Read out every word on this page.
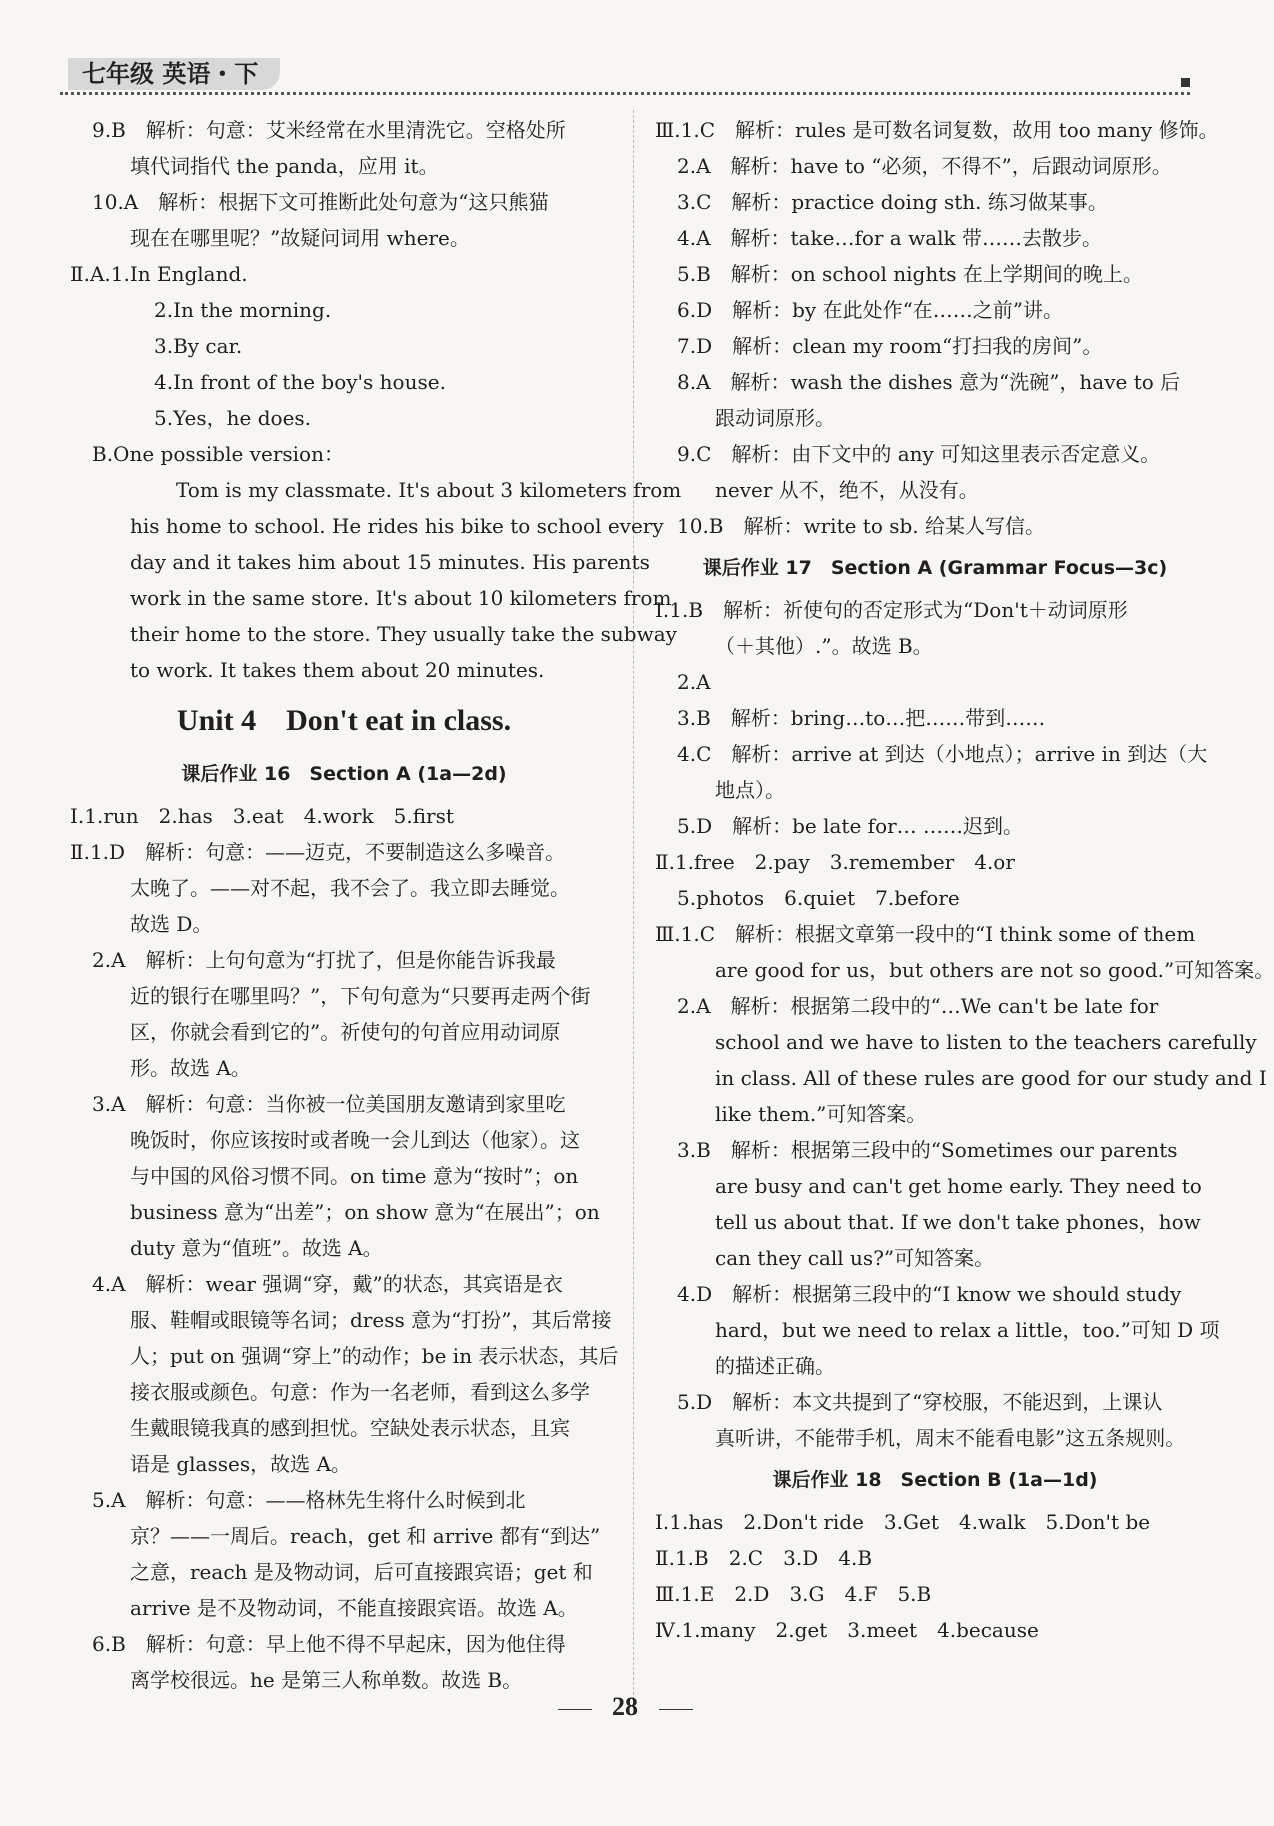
七年级 英语・下
9.B　解析：句意：艾米经常在水里清洗它。空格处所
填代词指代 the panda，应用 it。
10.A　解析：根据下文可推断此处句意为“这只熊猫
现在在哪里呢？”故疑问词用 where。
Ⅱ.A.1.In England.
2.In the morning.
3.By car.
4.In front of the boy's house.
5.Yes，he does.
B.One possible version：
Tom is my classmate. It's about 3 kilometers from
his home to school. He rides his bike to school every
day and it takes him about 15 minutes. His parents
work in the same store. It's about 10 kilometers from
their home to the store. They usually take the subway
to work. It takes them about 20 minutes.
Unit 4　Don't eat in class.
课后作业 16　Section A (1a—2d)
Ⅰ.1.run　2.has　3.eat　4.work　5.first
Ⅱ.1.D　解析：句意：——迈克，不要制造这么多噪音。
太晚了。——对不起，我不会了。我立即去睡觉。
故选 D。
2.A　解析：上句句意为“打扰了，但是你能告诉我最
近的银行在哪里吗？”，下句句意为“只要再走两个街
区，你就会看到它的”。祈使句的句首应用动词原
形。故选 A。
3.A　解析：句意：当你被一位美国朋友邀请到家里吃
晚饭时，你应该按时或者晚一会儿到达（他家）。这
与中国的风俗习惯不同。on time 意为“按时”；on
business 意为“出差”；on show 意为“在展出”；on
duty 意为“值班”。故选 A。
4.A　解析：wear 强调“穿，戴”的状态，其宾语是衣
服、鞋帽或眼镜等名词；dress 意为“打扮”，其后常接
人；put on 强调“穿上”的动作；be in 表示状态，其后
接衣服或颜色。句意：作为一名老师，看到这么多学
生戴眼镜我真的感到担忧。空缺处表示状态，且宾
语是 glasses，故选 A。
5.A　解析：句意：——格林先生将什么时候到北
京？——一周后。reach，get 和 arrive 都有“到达”
之意，reach 是及物动词，后可直接跟宾语；get 和
arrive 是不及物动词，不能直接跟宾语。故选 A。
6.B　解析：句意：早上他不得不早起床，因为他住得
离学校很远。he 是第三人称单数。故选 B。
Ⅲ.1.C　解析：rules 是可数名词复数，故用 too many 修饰。
2.A　解析：have to “必须，不得不”，后跟动词原形。
3.C　解析：practice doing sth. 练习做某事。
4.A　解析：take…for a walk 带……去散步。
5.B　解析：on school nights 在上学期间的晚上。
6.D　解析：by 在此处作“在……之前”讲。
7.D　解析：clean my room“打扫我的房间”。
8.A　解析：wash the dishes 意为“洗碗”，have to 后
跟动词原形。
9.C　解析：由下文中的 any 可知这里表示否定意义。
never 从不，绝不，从没有。
10.B　解析：write to sb. 给某人写信。
课后作业 17　Section A (Grammar Focus—3c)
Ⅰ.1.B　解析：祈使句的否定形式为“Don't＋动词原形
（＋其他）.”。故选 B。
2.A
3.B　解析：bring…to…把……带到……
4.C　解析：arrive at 到达（小地点）；arrive in 到达（大
地点）。
5.D　解析：be late for… ……迟到。
Ⅱ.1.free　2.pay　3.remember　4.or
5.photos　6.quiet　7.before
Ⅲ.1.C　解析：根据文章第一段中的“I think some of them
are good for us，but others are not so good.”可知答案。
2.A　解析：根据第二段中的“…We can't be late for
school and we have to listen to the teachers carefully
in class. All of these rules are good for our study and I
like them.”可知答案。
3.B　解析：根据第三段中的“Sometimes our parents
are busy and can't get home early. They need to
tell us about that. If we don't take phones，how
can they call us?”可知答案。
4.D　解析：根据第三段中的“I know we should study
hard，but we need to relax a little，too.”可知 D 项
的描述正确。
5.D　解析：本文共提到了“穿校服，不能迟到，上课认
真听讲，不能带手机，周末不能看电影”这五条规则。
课后作业 18　Section B (1a—1d)
Ⅰ.1.has　2.Don't ride　3.Get　4.walk　5.Don't be
Ⅱ.1.B　2.C　3.D　4.B
Ⅲ.1.E　2.D　3.G　4.F　5.B
Ⅳ.1.many　2.get　3.meet　4.because
28
